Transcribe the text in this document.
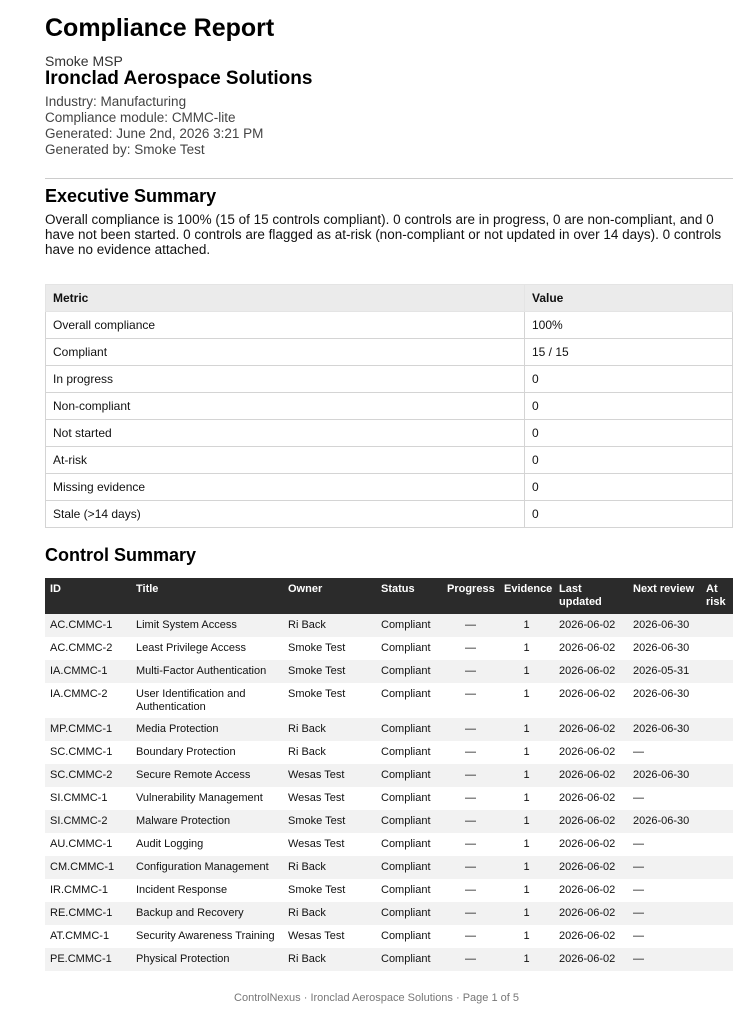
Compliance Report
Smoke MSP
Ironclad Aerospace Solutions
Industry: Manufacturing
Compliance module: CMMC-lite
Generated: June 2nd, 2026 3:21 PM
Generated by: Smoke Test
Executive Summary
Overall compliance is 100% (15 of 15 controls compliant). 0 controls are in progress, 0 are non-compliant, and 0 have not been started. 0 controls are flagged as at-risk (non-compliant or not updated in over 14 days). 0 controls have no evidence attached.
Metric	Value
Overall compliance	100%
Compliant	15 / 15
In progress	0
Non-compliant	0
Not started	0
At-risk	0
Missing evidence	0
Stale (>14 days)	0
Control Summary
ID	Title	Owner	Status	Progress	Evidence	Last updated	Next review	At risk
AC.CMMC-1	Limit System Access	Ri Back	Compliant	—	1	2026-06-02	2026-06-30	
AC.CMMC-2	Least Privilege Access	Smoke Test	Compliant	—	1	2026-06-02	2026-06-30	
IA.CMMC-1	Multi-Factor Authentication	Smoke Test	Compliant	—	1	2026-06-02	2026-05-31	
IA.CMMC-2	User Identification and Authentication	Smoke Test	Compliant	—	1	2026-06-02	2026-06-30	
MP.CMMC-1	Media Protection	Ri Back	Compliant	—	1	2026-06-02	2026-06-30	
SC.CMMC-1	Boundary Protection	Ri Back	Compliant	—	1	2026-06-02	—	
SC.CMMC-2	Secure Remote Access	Wesas Test	Compliant	—	1	2026-06-02	2026-06-30	
SI.CMMC-1	Vulnerability Management	Wesas Test	Compliant	—	1	2026-06-02	—	
SI.CMMC-2	Malware Protection	Smoke Test	Compliant	—	1	2026-06-02	2026-06-30	
AU.CMMC-1	Audit Logging	Wesas Test	Compliant	—	1	2026-06-02	—	
CM.CMMC-1	Configuration Management	Ri Back	Compliant	—	1	2026-06-02	—	
IR.CMMC-1	Incident Response	Smoke Test	Compliant	—	1	2026-06-02	—	
RE.CMMC-1	Backup and Recovery	Ri Back	Compliant	—	1	2026-06-02	—	
AT.CMMC-1	Security Awareness Training	Wesas Test	Compliant	—	1	2026-06-02	—	
PE.CMMC-1	Physical Protection	Ri Back	Compliant	—	1	2026-06-02	—	
ControlNexus · Ironclad Aerospace Solutions · Page 1 of 5
